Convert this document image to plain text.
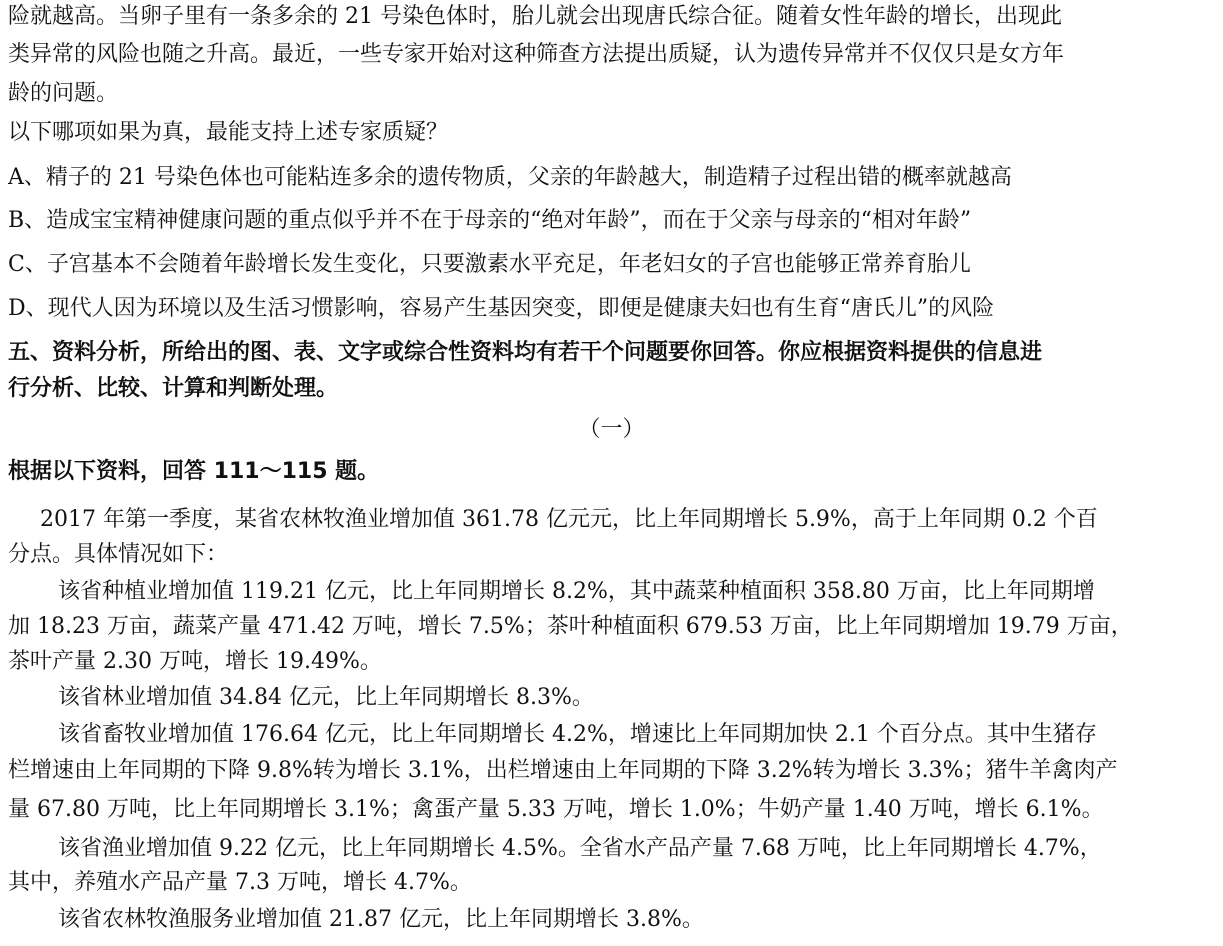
险就越高。当卵子里有一条多余的 21 号染色体时，胎儿就会出现唐氏综合征。随着女性年龄的增长，出现此
类异常的风险也随之升高。最近，一些专家开始对这种筛查方法提出质疑，认为遗传异常并不仅仅只是女方年
龄的问题。
以下哪项如果为真，最能支持上述专家质疑？
A、精子的 21 号染色体也可能粘连多余的遗传物质，父亲的年龄越大，制造精子过程出错的概率就越高
B、造成宝宝精神健康问题的重点似乎并不在于母亲的“绝对年龄”，而在于父亲与母亲的“相对年龄”
C、子宫基本不会随着年龄增长发生变化，只要激素水平充足，年老妇女的子宫也能够正常养育胎儿
D、现代人因为环境以及生活习惯影响，容易产生基因突变，即便是健康夫妇也有生育“唐氏儿”的风险
五、资料分析，所给出的图、表、文字或综合性资料均有若干个问题要你回答。你应根据资料提供的信息进
行分析、比较、计算和判断处理。
（一）
根据以下资料，回答 111～115 题。
2017 年第一季度，某省农林牧渔业增加值 361.78 亿元元，比上年同期增长 5.9%，高于上年同期 0.2 个百
分点。具体情况如下：
该省种植业增加值 119.21 亿元，比上年同期增长 8.2%，其中蔬菜种植面积 358.80 万亩，比上年同期增
加 18.23 万亩，蔬菜产量 471.42 万吨，增长 7.5%；茶叶种植面积 679.53 万亩，比上年同期增加 19.79 万亩，
茶叶产量 2.30 万吨，增长 19.49%。
该省林业增加值 34.84 亿元，比上年同期增长 8.3%。
该省畜牧业增加值 176.64 亿元，比上年同期增长 4.2%，增速比上年同期加快 2.1 个百分点。其中生猪存
栏增速由上年同期的下降 9.8%转为增长 3.1%，出栏增速由上年同期的下降 3.2%转为增长 3.3%；猪牛羊禽肉产
量 67.80 万吨，比上年同期增长 3.1%；禽蛋产量 5.33 万吨，增长 1.0%；牛奶产量 1.40 万吨，增长 6.1%。
该省渔业增加值 9.22 亿元，比上年同期增长 4.5%。全省水产品产量 7.68 万吨，比上年同期增长 4.7%，
其中，养殖水产品产量 7.3 万吨，增长 4.7%。
该省农林牧渔服务业增加值 21.87 亿元，比上年同期增长 3.8%。
